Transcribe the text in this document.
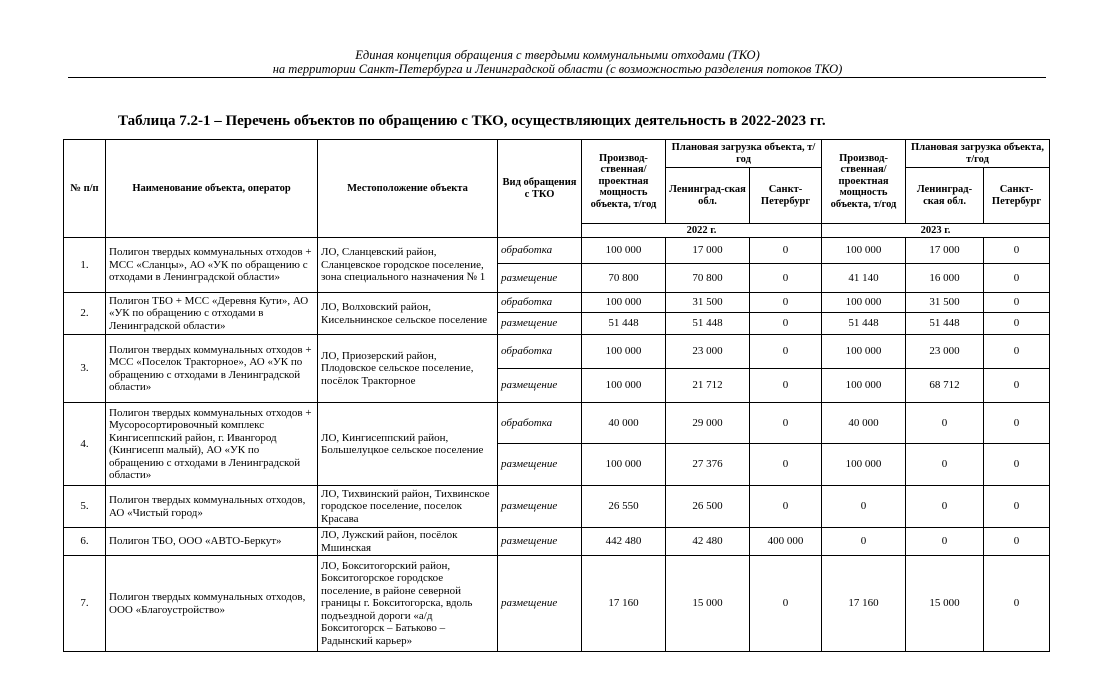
Единая концепция обращения с твердыми коммунальными отходами (ТКО)
на территории Санкт-Петербурга и Ленинградской области (с возможностью разделения потоков ТКО)
Таблица 7.2-1 – Перечень объектов по обращению с ТКО, осуществляющих деятельность в 2022-2023 гг.
№ п/п	Наименование объекта, оператор	Местоположение объекта	Вид обращения с ТКО	Производ-ственная/ проектная мощность объекта, т/год	Плановая загрузка объекта, т/год		Производ-ственная/ проектная мощность объекта, т/год	Плановая загрузка объекта, т/год	
					Ленинград-ская обл.	Санкт-Петербург		Ленинград-ская обл.	Санкт-Петербург
				2022 г.			2023 г.		
1.	Полигон твердых коммунальных отходов + МСС «Сланцы», АО «УК по обращению с отходами в Ленинградской области»	ЛО, Сланцевский район, Сланцевское городское поселение, зона специального назначения № 1	обработка	100 000	17 000	0	100 000	17 000	0
			размещение	70 800	70 800	0	41 140	16 000	0
2.	Полигон ТБО + МСС «Деревня Кути», АО «УК по обращению с отходами в Ленинградской области»	ЛО, Волховский район, Кисельнинское сельское поселение	обработка	100 000	31 500	0	100 000	31 500	0
			размещение	51 448	51 448	0	51 448	51 448	0
3.	Полигон твердых коммунальных отходов + МСС «Поселок Тракторное», АО «УК по обращению с отходами в Ленинградской области»	ЛО, Приозерский район, Плодовское сельское поселение, посёлок Тракторное	обработка	100 000	23 000	0	100 000	23 000	0
			размещение	100 000	21 712	0	100 000	68 712	0
4.	Полигон твердых коммунальных отходов + Мусоросортировочный комплекс Кингисеппский район, г. Ивангород (Кингисепп малый), АО «УК по обращению с отходами в Ленинградской области»	ЛО, Кингисеппский район, Большелуцкое сельское поселение	обработка	40 000	29 000	0	40 000	0	0
			размещение	100 000	27 376	0	100 000	0	0
5.	Полигон твердых коммунальных отходов, АО «Чистый город»	ЛО, Тихвинский район, Тихвинское городское поселение, поселок Красава	размещение	26 550	26 500	0	0	0	0
6.	Полигон ТБО, ООО «АВТО-Беркут»	ЛО, Лужский район, посёлок Мшинская	размещение	442 480	42 480	400 000	0	0	0
7.	Полигон твердых коммунальных отходов, ООО «Благоустройство»	ЛО, Бокситогорский район, Бокситогорское городское поселение, в районе северной границы г. Бокситогорска, вдоль подъездной дороги «а/д Бокситогорск – Батьково – Радынский карьер»	размещение	17 160	15 000	0	17 160	15 000	0
